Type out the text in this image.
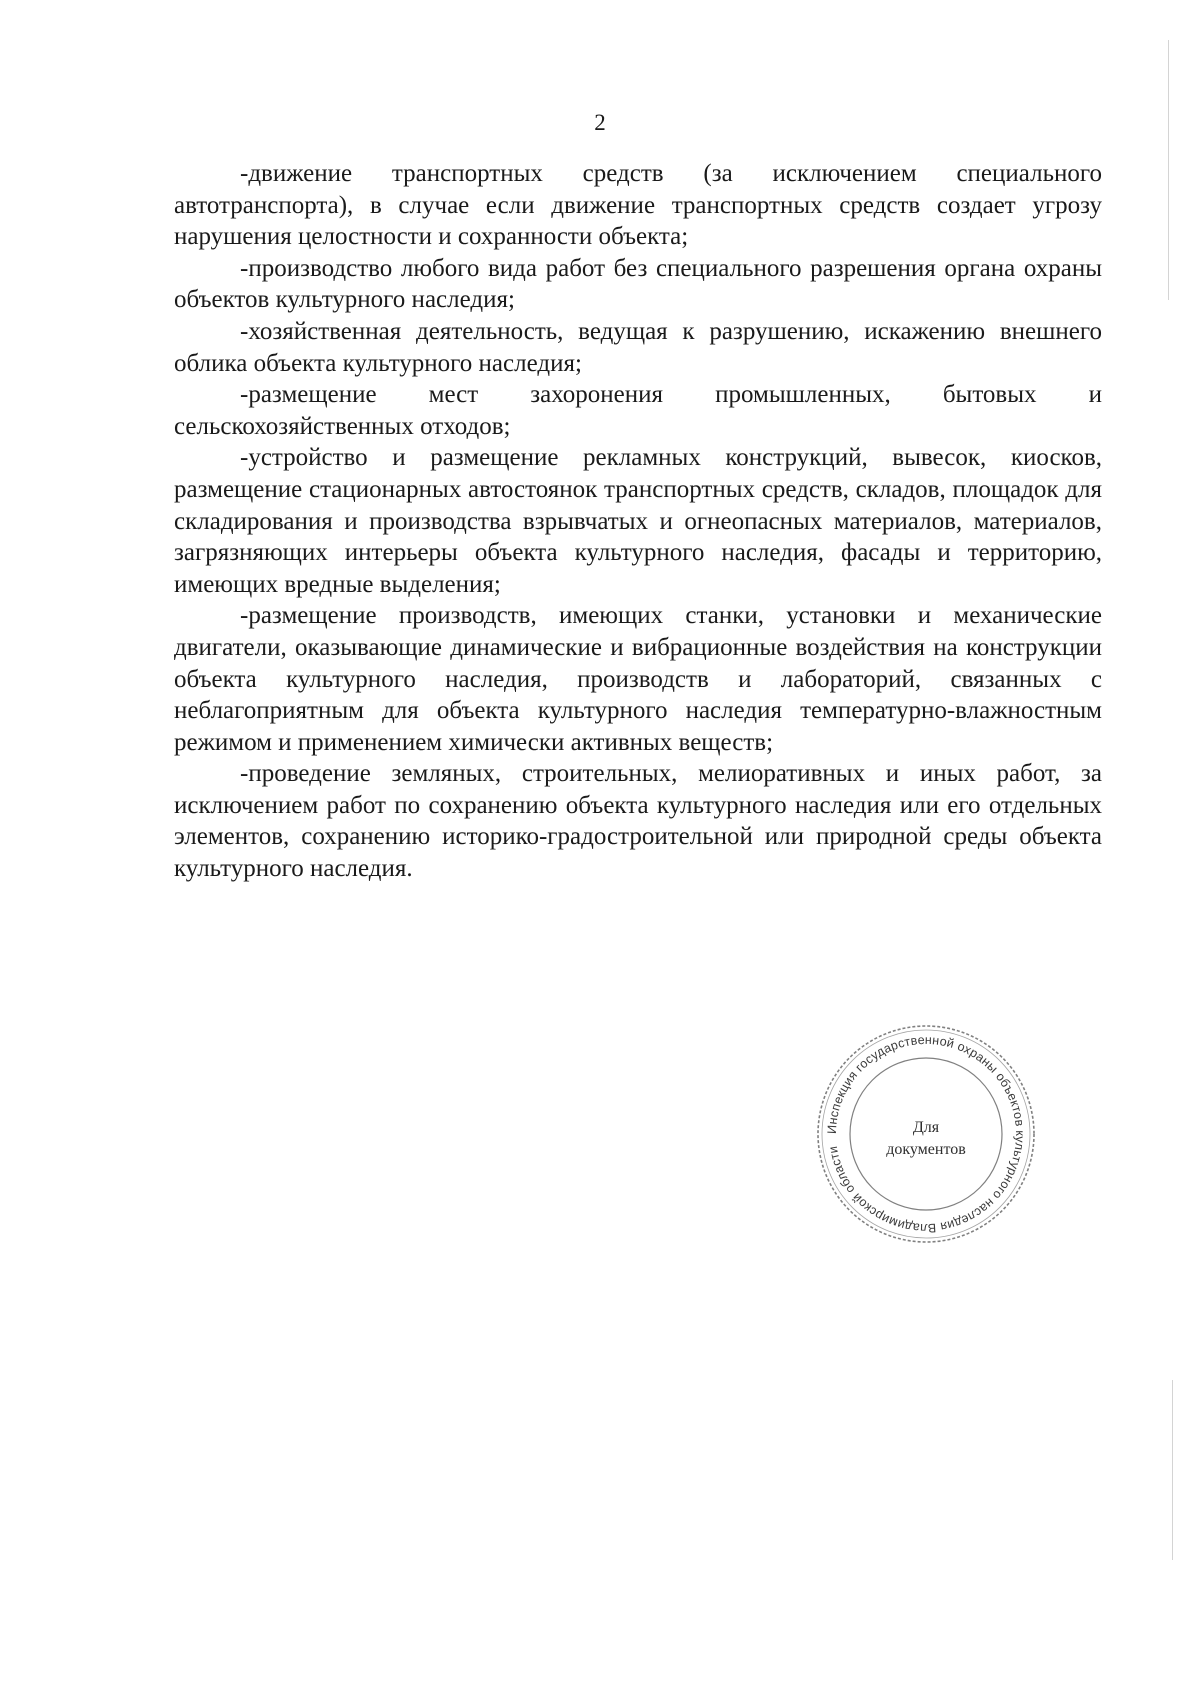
2

-движение транспортных средств (за исключением специального автотранспорта), в случае если движение транспортных средств создает угрозу нарушения целостности и сохранности объекта;

-производство любого вида работ без специального разрешения органа охраны объектов культурного наследия;

-хозяйственная деятельность, ведущая к разрушению, искажению внешнего облика объекта культурного наследия;

-размещение мест захоронения промышленных, бытовых и сельскохозяйственных отходов;

-устройство и размещение рекламных конструкций, вывесок, киосков, размещение стационарных автостоянок транспортных средств, складов, площадок для складирования и производства взрывчатых и огнеопасных материалов, материалов, загрязняющих интерьеры объекта культурного наследия, фасады и территорию, имеющих вредные выделения;

-размещение производств, имеющих станки, установки и механические двигатели, оказывающие динамические и вибрационные воздействия на конструкции объекта культурного наследия, производств и лабораторий, связанных с неблагоприятным для объекта культурного наследия температурно-влажностным режимом и применением химически активных веществ;

-проведение земляных, строительных, мелиоративных и иных работ, за исключением работ по сохранению объекта культурного наследия или его отдельных элементов, сохранению историко-градостроительной или природной среды объекта культурного наследия.

Инспекция государственной охраны объектов культурного наследия Владимирской области
Для
документов
